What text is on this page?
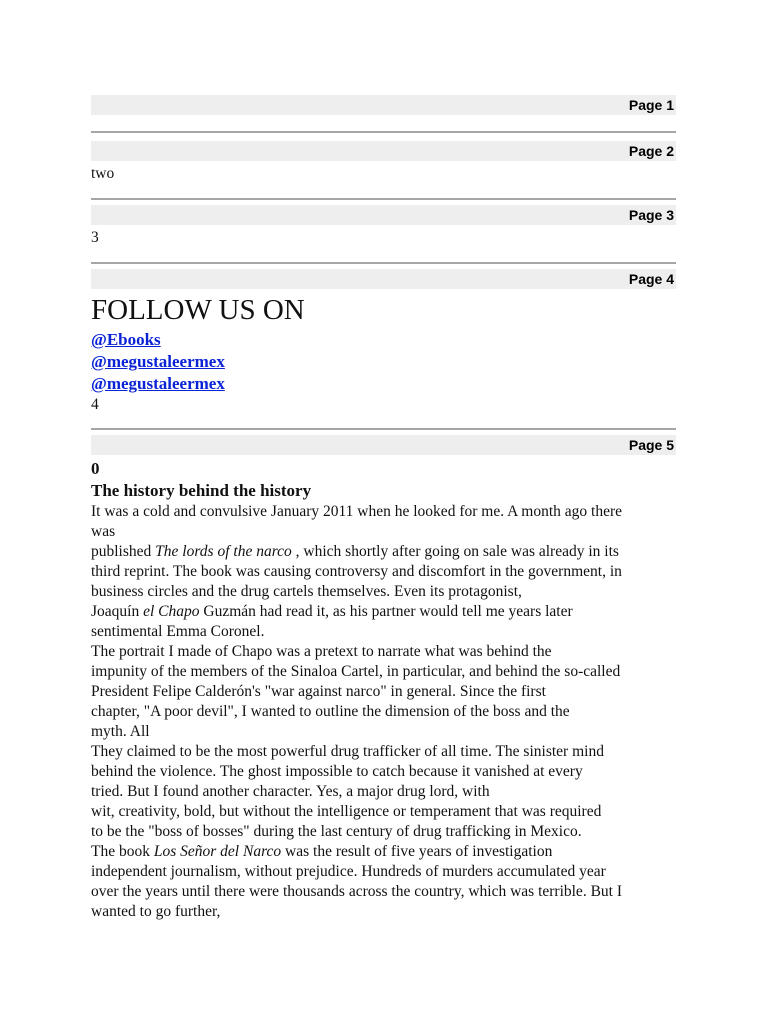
Page 1
Page 2
two
Page 3
3
Page 4
FOLLOW US ON
@Ebooks
@megustaleermex
@megustaleermex
4
Page 5
0
The history behind the history
It was a cold and convulsive January 2011 when he looked for me. A month ago there
was
published The lords of the narco , which shortly after going on sale was already in its
third reprint. The book was causing controversy and discomfort in the government, in
business circles and the drug cartels themselves. Even its protagonist,
Joaquín el Chapo Guzmán had read it, as his partner would tell me years later
sentimental Emma Coronel.
The portrait I made of Chapo was a pretext to narrate what was behind the
impunity of the members of the Sinaloa Cartel, in particular, and behind the so-called
President Felipe Calderón's "war against narco" in general. Since the first
chapter, "A poor devil", I wanted to outline the dimension of the boss and the
myth. All
They claimed to be the most powerful drug trafficker of all time. The sinister mind
behind the violence. The ghost impossible to catch because it vanished at every
tried. But I found another character. Yes, a major drug lord, with
wit, creativity, bold, but without the intelligence or temperament that was required
to be the "boss of bosses" during the last century of drug trafficking in Mexico.
The book Los Señor del Narco was the result of five years of investigation
independent journalism, without prejudice. Hundreds of murders accumulated year
over the years until there were thousands across the country, which was terrible. But I
wanted to go further,
